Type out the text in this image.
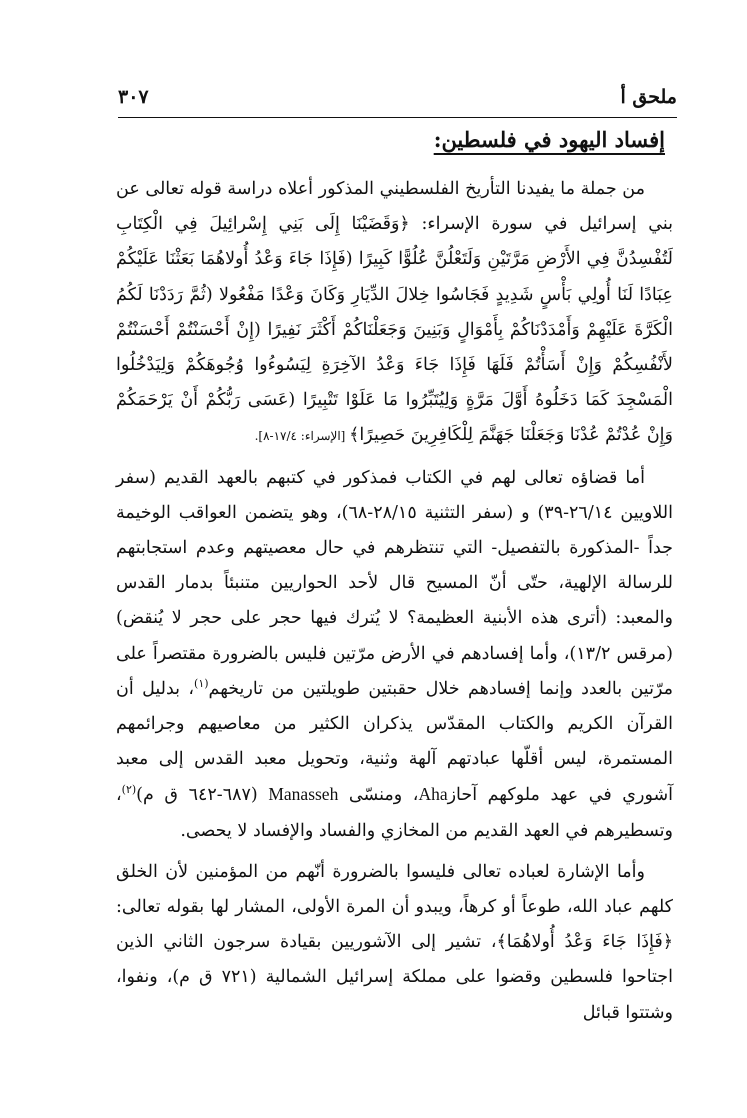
ملحق أ
٣٠٧
إفساد اليهود في فلسطين:

من جملة ما يفيدنا التأريخ الفلسطيني المذكور أعلاه دراسة قوله تعالى عن بني إسرائيل في سورة الإسراء: ﴿وَقَضَيْنَا إِلَى بَنِي إِسْرائِيلَ فِي الْكِتَابِ لَتُفْسِدُنَّ فِي الأَرْضِ مَرَّتَيْنِ وَلَتَعْلُنَّ عُلُوًّا كَبِيرًا (فَإِذَا جَاءَ وَعْدُ أُولاهُمَا بَعَثْنَا عَلَيْكُمْ عِبَادًا لَنَا أُولِي بَأْسٍ شَدِيدٍ فَجَاسُوا خِلالَ الدِّيَارِ وَكَانَ وَعْدًا مَفْعُولا (ثُمَّ رَدَدْنَا لَكُمُ الْكَرَّةَ عَلَيْهِمْ وَأَمْدَدْنَاكُمْ بِأَمْوَالٍ وَبَنِينَ وَجَعَلْنَاكُمْ أَكْثَرَ نَفِيرًا (إِنْ أَحْسَنْتُمْ أَحْسَنْتُمْ لأَنْفُسِكُمْ وَإِنْ أَسَأْتُمْ فَلَهَا فَإِذَا جَاءَ وَعْدُ الآخِرَةِ لِيَسُوءُوا وُجُوهَكُمْ وَلِيَدْخُلُوا الْمَسْجِدَ كَمَا دَخَلُوهُ أَوَّلَ مَرَّةٍ وَلِيُتَبِّرُوا مَا عَلَوْا تَتْبِيرًا (عَسَى رَبُّكُمْ أَنْ يَرْحَمَكُمْ وَإِنْ عُدْتُمْ عُدْنَا وَجَعَلْنَا جَهَنَّمَ لِلْكَافِرِينَ حَصِيرًا﴾ [الإسراء: ١٧/٤-٨].

أما قضاؤه تعالى لهم في الكتاب فمذكور في كتبهم بالعهد القديم (سفر اللاويين ٢٦/١٤-٣٩) و (سفر التثنية ٢٨/١٥-٦٨)، وهو يتضمن العواقب الوخيمة جداً -المذكورة بالتفصيل- التي تنتظرهم في حال معصيتهم وعدم استجابتهم للرسالة الإلهية، حتّى أنّ المسيح قال لأحد الحواريين متنبئاً بدمار القدس والمعبد: (أترى هذه الأبنية العظيمة؟ لا يُترك فيها حجر على حجر لا يُنقض) (مرقس ١٣/٢)، وأما إفسادهم في الأرض مرّتين فليس بالضرورة مقتصراً على مرّتين بالعدد وإنما إفسادهم خلال حقبتين طويلتين من تاريخهم$^{(١)}$، بدليل أن القرآن الكريم والكتاب المقدّس يذكران الكثير من معاصيهم وجرائمهم المستمرة، ليس أقلّها عبادتهم آلهة وثنية، وتحويل معبد القدس إلى معبد آشوري في عهد ملوكهم آحازAha، ومنسّى Manasseh (٦٨٧-٦٤٢ ق م)$^{(٢)}$، وتسطيرهم في العهد القديم من المخازي والفساد والإفساد لا يحصى.

وأما الإشارة لعباده تعالى فليسوا بالضرورة أنّهم من المؤمنين لأن الخلق كلهم عباد الله، طوعاً أو كرهاً، ويبدو أن المرة الأولى، المشار لها بقوله تعالى: ﴿فَإِذَا جَاءَ وَعْدُ أُولاهُمَا﴾، تشير إلى الآشوريين بقيادة سرجون الثاني الذين اجتاحوا فلسطين وقضوا على مملكة إسرائيل الشمالية (٧٢١ ق م)، ونفوا، وشتتوا قبائل
